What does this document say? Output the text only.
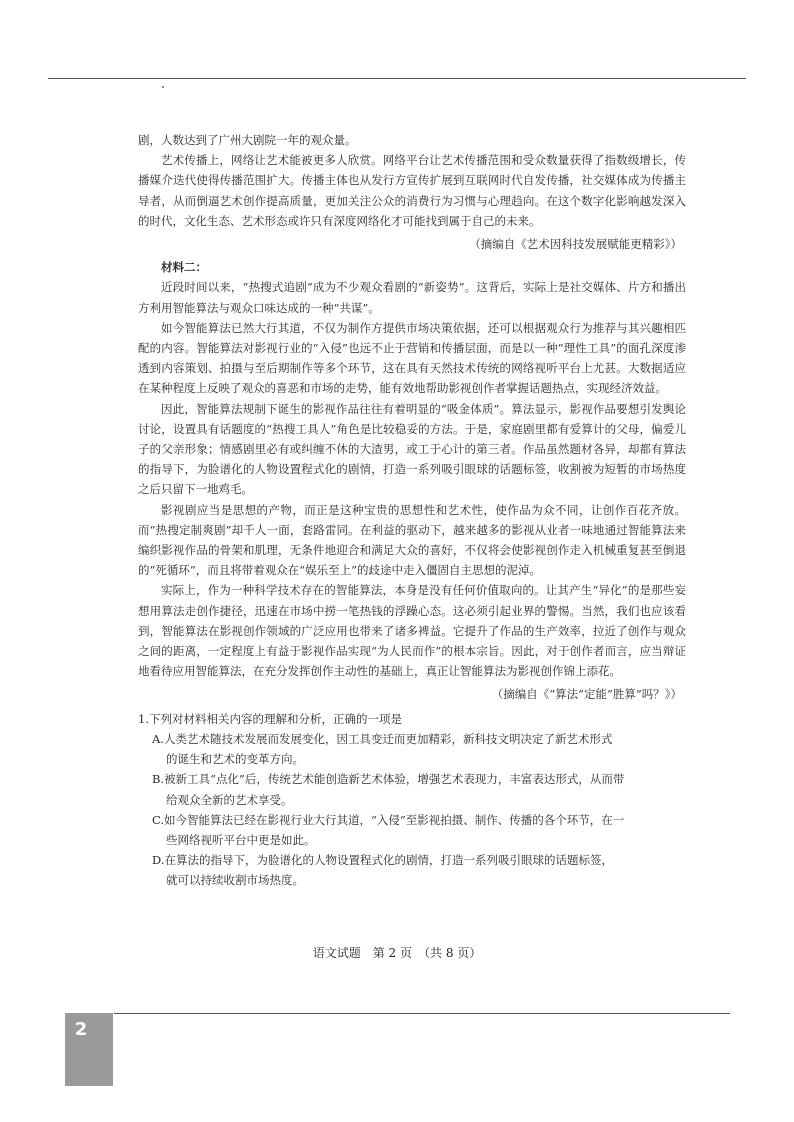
剧，人数达到了广州大剧院一年的观众量。

艺术传播上，网络让艺术能被更多人欣赏。网络平台让艺术传播范围和受众数量获得了指数级增长，传播媒介迭代使得传播范围扩大。传播主体也从发行方宣传扩展到互联网时代自发传播，社交媒体成为传播主导者，从而倒逼艺术创作提高质量，更加关注公众的消费行为习惯与心理趋向。在这个数字化影响越发深入的时代，文化生态、艺术形态或许只有深度网络化才可能找到属于自己的未来。

（摘编自《艺术因科技发展赋能更精彩》）

材料二：

近段时间以来，“热搜式追剧”成为不少观众看剧的“新姿势”。这背后，实际上是社交媒体、片方和播出方利用智能算法与观众口味达成的一种“共谋”。

如今智能算法已然大行其道，不仅为制作方提供市场决策依据，还可以根据观众行为推荐与其兴趣相匹配的内容。智能算法对影视行业的“入侵”也远不止于营销和传播层面，而是以一种“理性工具”的面孔深度渗透到内容策划、拍摄与至后期制作等多个环节，这在具有天然技术传统的网络视听平台上尤甚。大数据适应在某种程度上反映了观众的喜恶和市场的走势，能有效地帮助影视创作者掌握话题热点，实现经济效益。

因此，智能算法规制下诞生的影视作品往往有着明显的“吸金体质”。算法显示，影视作品要想引发舆论讨论，设置具有话题度的“热搜工具人”角色是比较稳妥的方法。于是，家庭剧里都有爱算计的父母，偏爱儿子的父亲形象；情感剧里必有或纠缠不休的大渣男，或工于心计的第三者。作品虽然题材各异，却都有算法的指导下，为脸谱化的人物设置程式化的剧情，打造一系列吸引眼球的话题标签，收割被为短暂的市场热度之后只留下一地鸡毛。

影视剧应当是思想的产物，而正是这种宝贵的思想性和艺术性，使作品为众不同，让创作百花齐放。而“热搜定制爽剧”却千人一面，套路雷同。在利益的驱动下，越来越多的影视从业者一味地通过智能算法来编织影视作品的骨架和肌理，无条件地迎合和满足大众的喜好，不仅将会使影视创作走入机械重复甚至倒退的“死循环”，而且将带着观众在“娱乐至上”的歧途中走入僵固自主思想的泥淖。

实际上，作为一种科学技术存在的智能算法，本身是没有任何价值取向的。让其产生“异化”的是那些妄想用算法走创作捷径，迅速在市场中捞一笔热钱的浮躁心态。这必须引起业界的警惕。当然，我们也应该看到，智能算法在影视创作领域的广泛应用也带来了诸多裨益。它提升了作品的生产效率，拉近了创作与观众之间的距离，一定程度上有益于影视作品实现“为人民而作”的根本宗旨。因此，对于创作者而言，应当辩证地看待应用智能算法，在充分发挥创作主动性的基础上，真正让智能算法为影视创作锦上添花。

（摘编自《“算法”定能“胜算”吗？》）

1.下列对材料相关内容的理解和分析，正确的一项是

A.人类艺术随技术发展而发展变化，因工具变迁而更加精彩，新科技文明决定了新艺术形式

的诞生和艺术的变革方向。

B.被新工具“点化”后，传统艺术能创造新艺术体验，增强艺术表现力，丰富表达形式，从而带

给观众全新的艺术享受。

C.如今智能算法已经在影视行业大行其道，“入侵”至影视拍摄、制作、传播的各个环节，在一

些网络视听平台中更是如此。

D.在算法的指导下，为脸谱化的人物设置程式化的剧情，打造一系列吸引眼球的话题标签，

就可以持续收割市场热度。

语文试题　第 2 页　（共 8 页）
2
